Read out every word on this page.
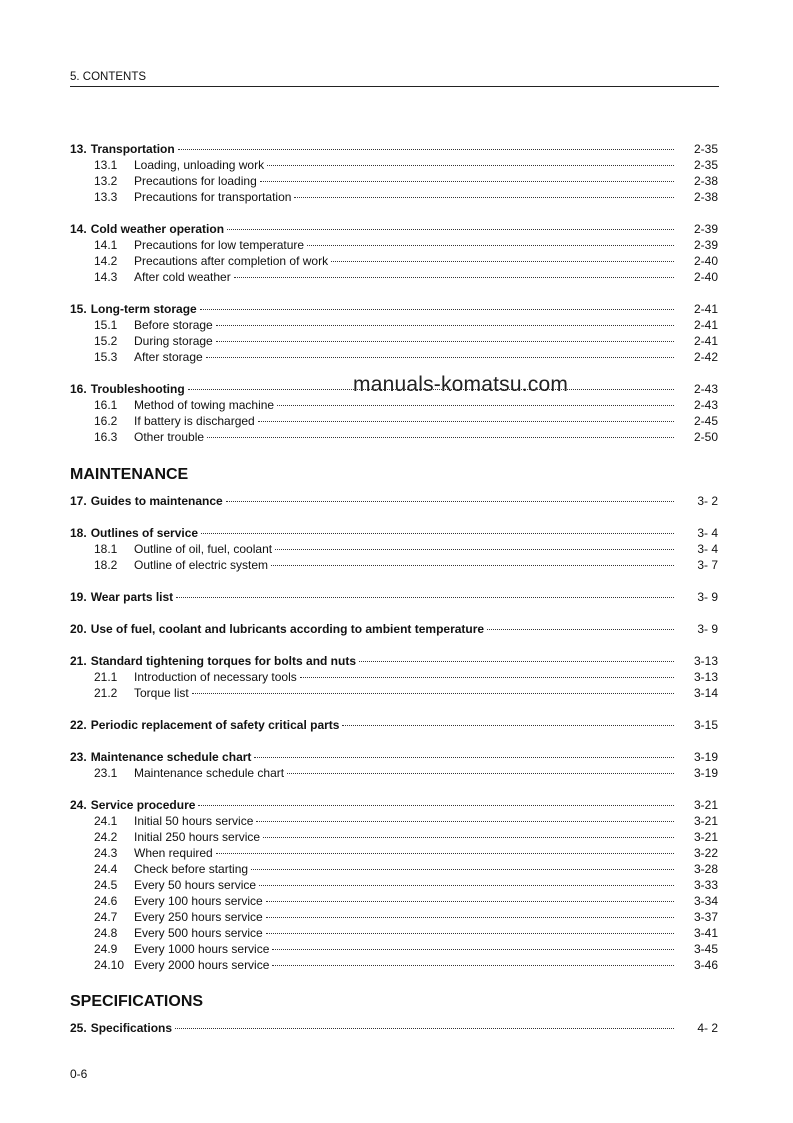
5. CONTENTS
13. Transportation	2-35
13.1	Loading, unloading work	2-35
13.2	Precautions for loading	2-38
13.3	Precautions for transportation	2-38
14. Cold weather operation	2-39
14.1	Precautions for low temperature	2-39
14.2	Precautions after completion of work	2-40
14.3	After cold weather	2-40
15. Long-term storage	2-41
15.1	Before storage	2-41
15.2	During storage	2-41
15.3	After storage	2-42
16. Troubleshooting	2-43
16.1	Method of towing machine	2-43
16.2	If battery is discharged	2-45
16.3	Other trouble	2-50
MAINTENANCE
17. Guides to maintenance	3- 2
18. Outlines of service	3- 4
18.1	Outline of oil, fuel, coolant	3- 4
18.2	Outline of electric system	3- 7
19. Wear parts list	3- 9
20. Use of fuel, coolant and lubricants according to ambient temperature	3- 9
21. Standard tightening torques for bolts and nuts	3-13
21.1	Introduction of necessary tools	3-13
21.2	Torque list	3-14
22. Periodic replacement of safety critical parts	3-15
23. Maintenance schedule chart	3-19
23.1	Maintenance schedule chart	3-19
24. Service procedure	3-21
24.1	Initial 50 hours service	3-21
24.2	Initial 250 hours service	3-21
24.3	When required	3-22
24.4	Check before starting	3-28
24.5	Every 50 hours service	3-33
24.6	Every 100 hours service	3-34
24.7	Every 250 hours service	3-37
24.8	Every 500 hours service	3-41
24.9	Every 1000 hours service	3-45
24.10 Every 2000 hours service	3-46
SPECIFICATIONS
25. Specifications	4- 2
manuals-komatsu.com
0-6
